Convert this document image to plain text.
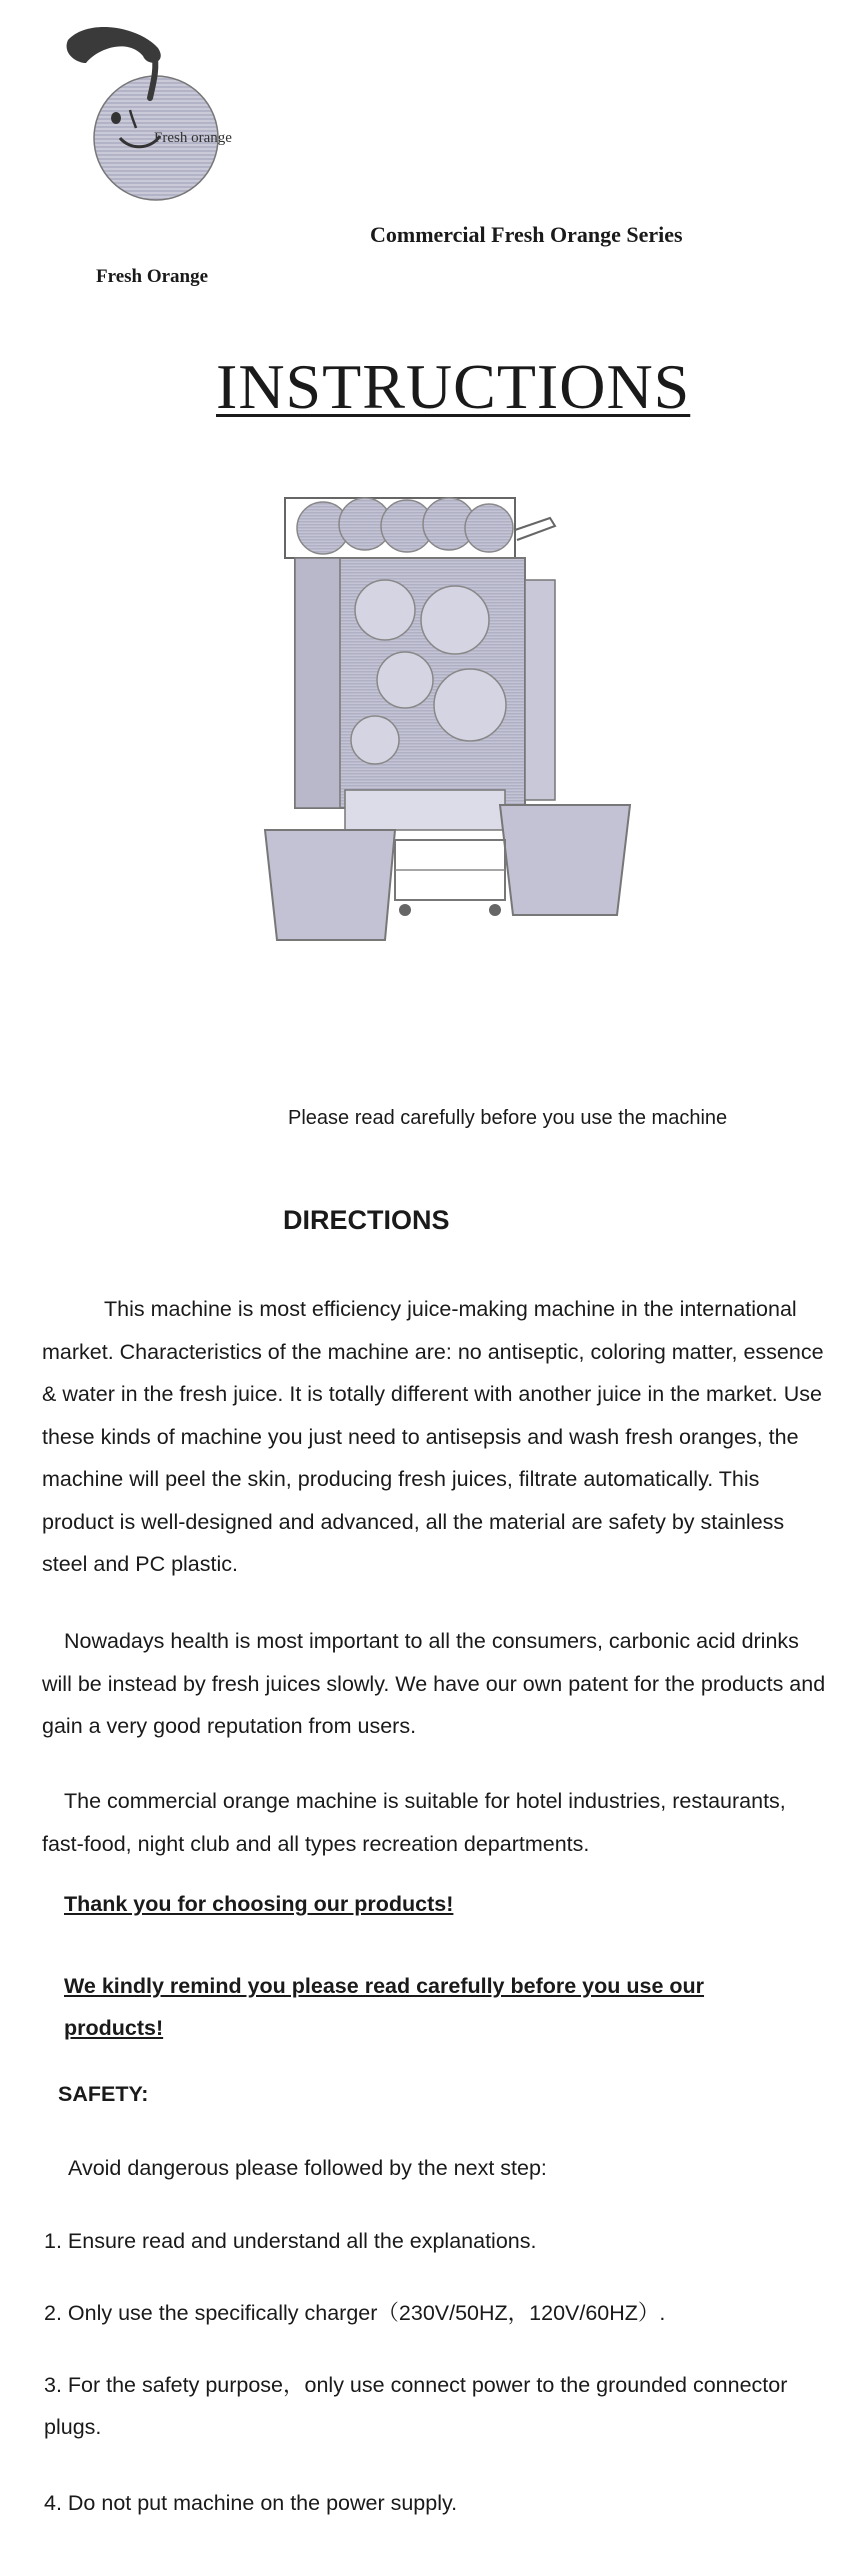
Fresh orange
Fresh Orange
Commercial Fresh Orange Series
INSTRUCTIONS
Please read carefully before you use the machine
DIRECTIONS

This machine is most efficiency juice-making machine in the international market. Characteristics of the machine are: no antiseptic, coloring matter, essence & water in the fresh juice. It is totally different with another juice in the market. Use these kinds of machine you just need to antisepsis and wash fresh oranges, the machine will peel the skin, producing fresh juices, filtrate automatically. This product is well-designed and advanced, all the material are safety by stainless steel and PC plastic.

Nowadays health is most important to all the consumers, carbonic acid drinks will be instead by fresh juices slowly. We have our own patent for the products and gain a very good reputation from users.

The commercial orange machine is suitable for hotel industries, restaurants, fast-food, night club and all types recreation departments.

Thank you for choosing our products!

We kindly remind you please read carefully before you use our products!

SAFETY:
Avoid dangerous please followed by the next step:
1. Ensure read and understand all the explanations.
2. Only use the specifically charger（230V/50HZ，120V/60HZ）.
3. For the safety purpose，only use connect power to the grounded connector plugs.
4. Do not put machine on the power supply.
